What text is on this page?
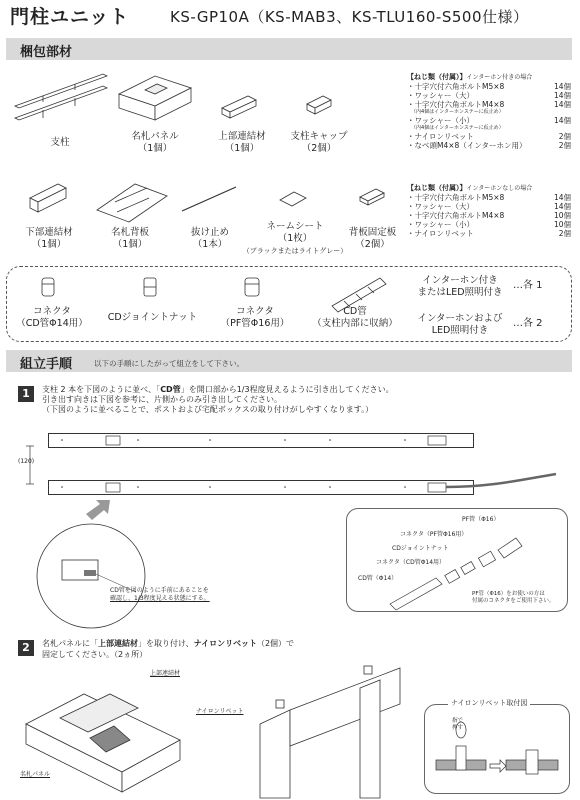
門柱ユニット	KS-GP10A（KS-MAB3、KS-TLU160-S500仕様）
梱包部材
支柱
名札パネル
（1個）
上部連結材
（1個）
支柱キャップ
（2個）
【ねじ類（付属）】インターホン付きの場合
・十字穴付六角ボルトM5×8	14個
・ワッシャー（大）	14個
・十字穴付六角ボルトM4×8	14個
（内4個はインターホンステーに仮止め）
・ワッシャー（小）	14個
（内4個はインターホンステーに仮止め）
・ナイロンリベット	2個
・なべ頭M4×8（インターホン用）	2個
下部連結材
（1個）
名札背板
（1個）
抜け止め
（1本）
ネームシート
（1枚）
（ブラックまたはライトグレー）
背板固定板
（2個）
【ねじ類（付属）】インターホンなしの場合
・十字穴付六角ボルトM5×8	14個
・ワッシャー（大）	14個
・十字穴付六角ボルトM4×8	10個
・ワッシャー（小）	10個
・ナイロンリベット	2個
コネクタ
（CD管Φ14用）
CDジョイントナット
コネクタ
（PF管Φ16用）
CD管
（支柱内部に収納）
インターホン付き
またはLED照明付き
…各 1
インターホンおよび
LED照明付き
…各 2
組立手順	以下の手順にしたがって組立をして下さい。
1	支柱 2 本を下図のように並べ、「CD管」を開口部から1/3程度見えるように引き出してください。
引き出す向きは下図を参考に、片側からのみ引き出してください。
（下図のように並べることで、ポストおよび宅配ボックスの取り付けがしやすくなります。）
(120)
CD管を図のように手前にあることを
確認し、1/3程度見える状態にする。
PF管（Φ16）
コネクタ（PF管Φ16用）
CDジョイントナット
コネクタ（CD管Φ14用）
CD管（Φ14）
PF管（Φ16）をお使いの方は
付属のコネクタをご使用下さい。
2	名札パネルに「上部連結材」を取り付け、ナイロンリベット（2個）で
固定してください。（2ヵ所）
上部連結材
名札パネル
ナイロンリベット
ナイロンリベット取付図
指で
押す
